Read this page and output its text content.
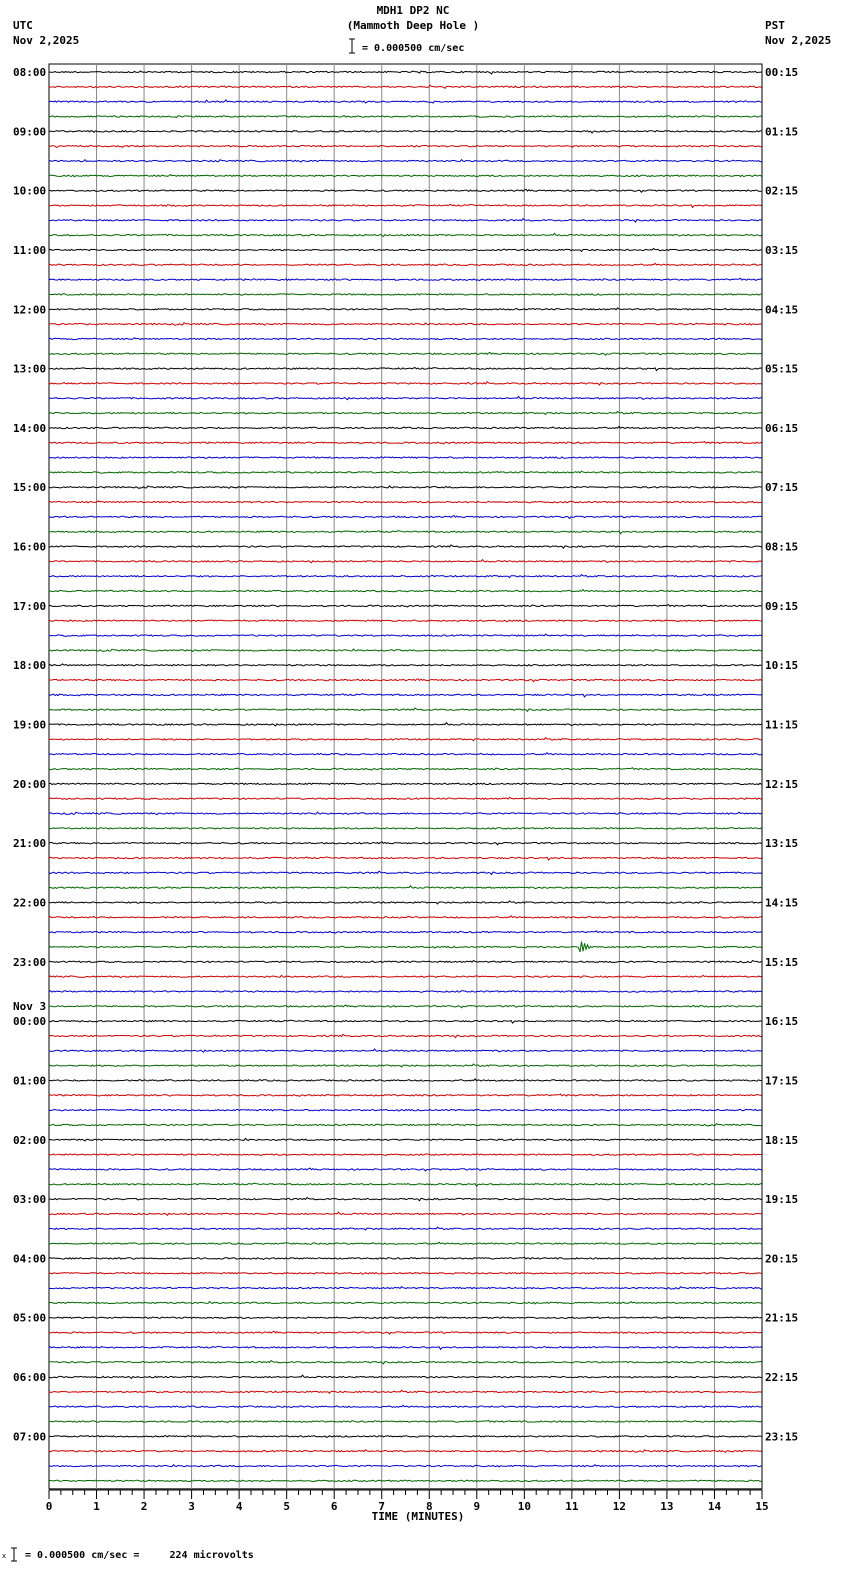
MDH1 DP2 NC
(Mammoth Deep Hole )
= 0.000500 cm/sec
UTC
Nov 2,2025
PST
Nov 2,2025
0	1	2	3	4	5	6	7	8	9	10	11	12	13	14	15
08:00
09:00
10:00
11:00
12:00
13:00
14:00
15:00
16:00
17:00
18:00
19:00
20:00
21:00
22:00
23:00
00:00
01:00
02:00
03:00
04:00
05:00
06:00
07:00
00:15
01:15
02:15
03:15
04:15
05:15
06:15
07:15
08:15
09:15
10:15
11:15
12:15
13:15
14:15
15:15
16:15
17:15
18:15
19:15
20:15
21:15
22:15
23:15
Nov 3
x = 0.000500 cm/sec =     224 microvolts
TIME (MINUTES)
